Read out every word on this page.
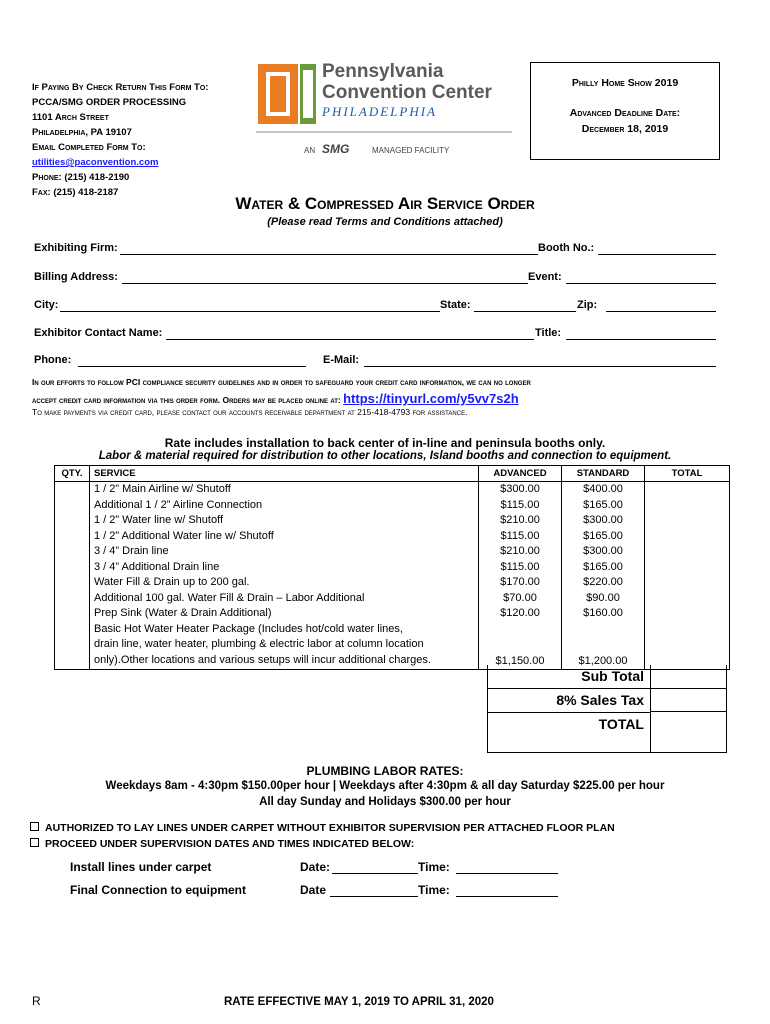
If Paying By Check Return This Form To:
PCCA/SMG ORDER PROCESSING
1101 Arch Street
Philadelphia, PA 19107
Email Completed Form To:
utilities@paconvention.com
Phone: (215) 418-2190
Fax: (215) 418-2187
Pennsylvania
Convention Center
PHILADELPHIA
AN SMG	MANAGED FACILITY
Philly Home Show 2019
Advanced Deadline Date:
December 18, 2019
Water & Compressed Air Service Order
(Please read Terms and Conditions attached)
Exhibiting Firm:	Booth No.:
Billing Address:	Event:
City:	State:	Zip:
Exhibitor Contact Name:	Title:
Phone:	E-Mail:
In our efforts to follow PCI compliance security guidelines and in order to safeguard your credit card information, we can no longer
accept credit card information via this order form. Orders may be placed online at: https://tinyurl.com/y5vv7s2h
To make payments via credit card, please contact our accounts receivable department at 215-418-4793 for assistance.
Rate includes installation to back center of in-line and peninsula booths only.
Labor & material required for distribution to other locations, Island booths and connection to equipment.
QTY.	SERVICE	ADVANCED	STANDARD	TOTAL
	1 / 2” Main Airline w/ Shutoff	$300.00	$400.00	
	Additional 1 / 2” Airline Connection	$115.00	$165.00	
	1 / 2” Water line w/ Shutoff	$210.00	$300.00	
	1 / 2” Additional Water line w/ Shutoff	$115.00	$165.00	
	3 / 4” Drain line	$210.00	$300.00	
	3 / 4” Additional Drain line	$115.00	$165.00	
	Water Fill & Drain up to 200 gal.	$170.00	$220.00	
	Additional 100 gal. Water Fill & Drain – Labor Additional	$70.00	$90.00	
	Prep Sink (Water & Drain Additional)	$120.00	$160.00	

	Basic Hot Water Heater Package (Includes hot/cold water lines,
drain line, water heater, plumbing & electric labor at column location
only).Other locations and various setups will incur additional charges.	$1,150.00	$1,200.00	
Sub Total
8% Sales Tax
TOTAL
PLUMBING LABOR RATES:
Weekdays 8am - 4:30pm $150.00per hour | Weekdays after 4:30pm & all day Saturday $225.00 per hour
All day Sunday and Holidays $300.00 per hour
AUTHORIZED TO LAY LINES UNDER CARPET WITHOUT EXHIBITOR SUPERVISION PER ATTACHED FLOOR PLAN
PROCEED UNDER SUPERVISION DATES AND TIMES INDICATED BELOW:
Install lines under carpet	Date:	Time:
Final Connection to equipment	Date	Time:
R	RATE EFFECTIVE MAY 1, 2019 TO APRIL 31, 2020
